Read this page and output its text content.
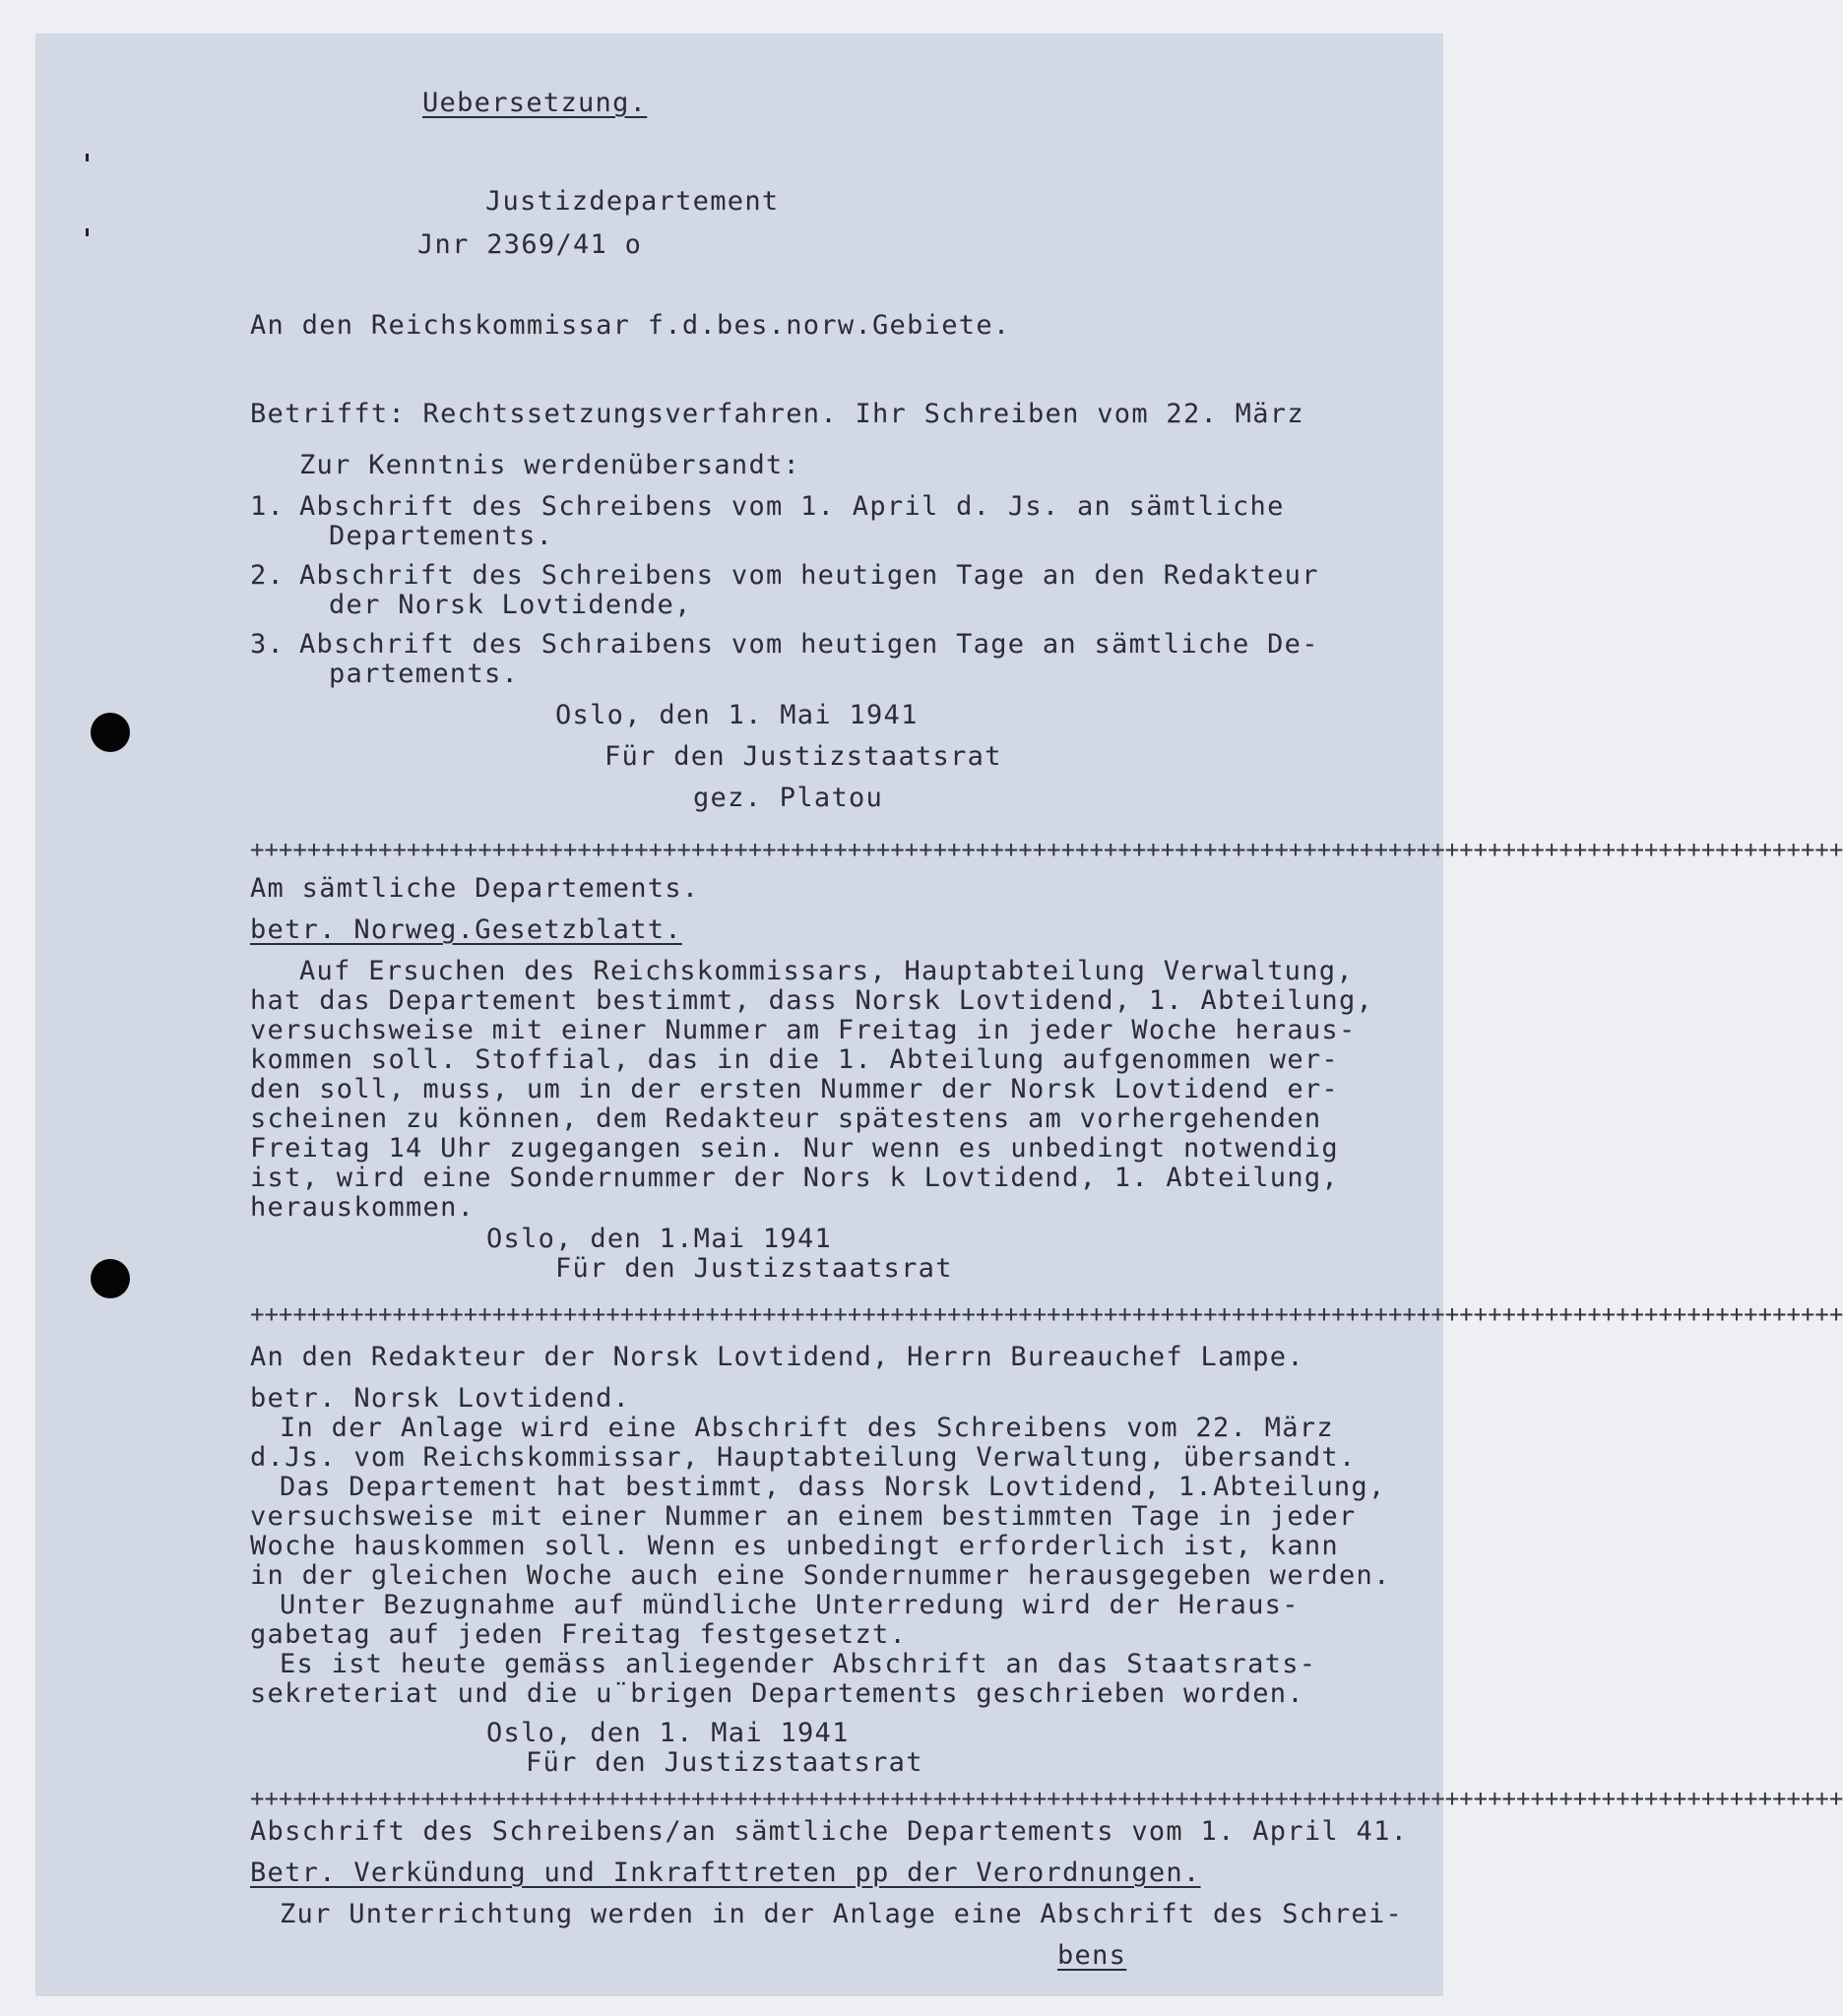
Uebersetzung.
Justizdepartement
Jnr 2369/41 o
An den Reichskommissar f.d.bes.norw.Gebiete.
Betrifft: Rechtssetzungsverfahren. Ihr Schreiben vom 22. März
Zur Kenntnis werdenübersandt:
1. Abschrift des Schreibens vom 1. April d. Js. an sämtliche
Departements.
2. Abschrift des Schreibens vom heutigen Tage an den Redakteur
der Norsk Lovtidende,
3. Abschrift des Schraibens vom heutigen Tage an sämtliche De-
partements.
Oslo, den 1. Mai 1941
Für den Justizstaatsrat
gez. Platou
++++++++++++++++++++++++++++++++++++++++++++++++++++++++++++++++++++++++++++++++++++++++++++++++++++++++++++++++
Am sämtliche Departements.
betr. Norweg.Gesetzblatt.
Auf Ersuchen des Reichskommissars, Hauptabteilung Verwaltung,
hat das Departement bestimmt, dass Norsk Lovtidend, 1. Abteilung,
versuchsweise mit einer Nummer am Freitag in jeder Woche heraus-
kommen soll. Stoffial, das in die 1. Abteilung aufgenommen wer-
den soll, muss, um in der ersten Nummer der Norsk Lovtidend er-
scheinen zu können, dem Redakteur spätestens am vorhergehenden
Freitag 14 Uhr zugegangen sein. Nur wenn es unbedingt notwendig
ist, wird eine Sondernummer der Nors k Lovtidend, 1. Abteilung,
herauskommen.
Oslo, den 1.Mai 1941
Für den Justizstaatsrat
++++++++++++++++++++++++++++++++++++++++++++++++++++++++++++++++++++++++++++++++++++++++++++++++++++++++++++++++
An den Redakteur der Norsk Lovtidend, Herrn Bureauchef Lampe.
betr. Norsk Lovtidend.
In der Anlage wird eine Abschrift des Schreibens vom 22. März
d.Js. vom Reichskommissar, Hauptabteilung Verwaltung, übersandt.
Das Departement hat bestimmt, dass Norsk Lovtidend, 1.Abteilung,
versuchsweise mit einer Nummer an einem bestimmten Tage in jeder
Woche hauskommen soll. Wenn es unbedingt erforderlich ist, kann
in der gleichen Woche auch eine Sondernummer herausgegeben werden.
Unter Bezugnahme auf mündliche Unterredung wird der Heraus-
gabetag auf jeden Freitag festgesetzt.
Es ist heute gemäss anliegender Abschrift an das Staatsrats-
sekreteriat und die u¨brigen Departements geschrieben worden.
Oslo, den 1. Mai 1941
Für den Justizstaatsrat
++++++++++++++++++++++++++++++++++++++++++++++++++++++++++++++++++++++++++++++++++++++++++++++++++++++++++++++++
Abschrift des Schreibens/an sämtliche Departements vom 1. April 41.
Betr. Verkündung und Inkrafttreten pp der Verordnungen.
Zur Unterrichtung werden in der Anlage eine Abschrift des Schrei-
bens
